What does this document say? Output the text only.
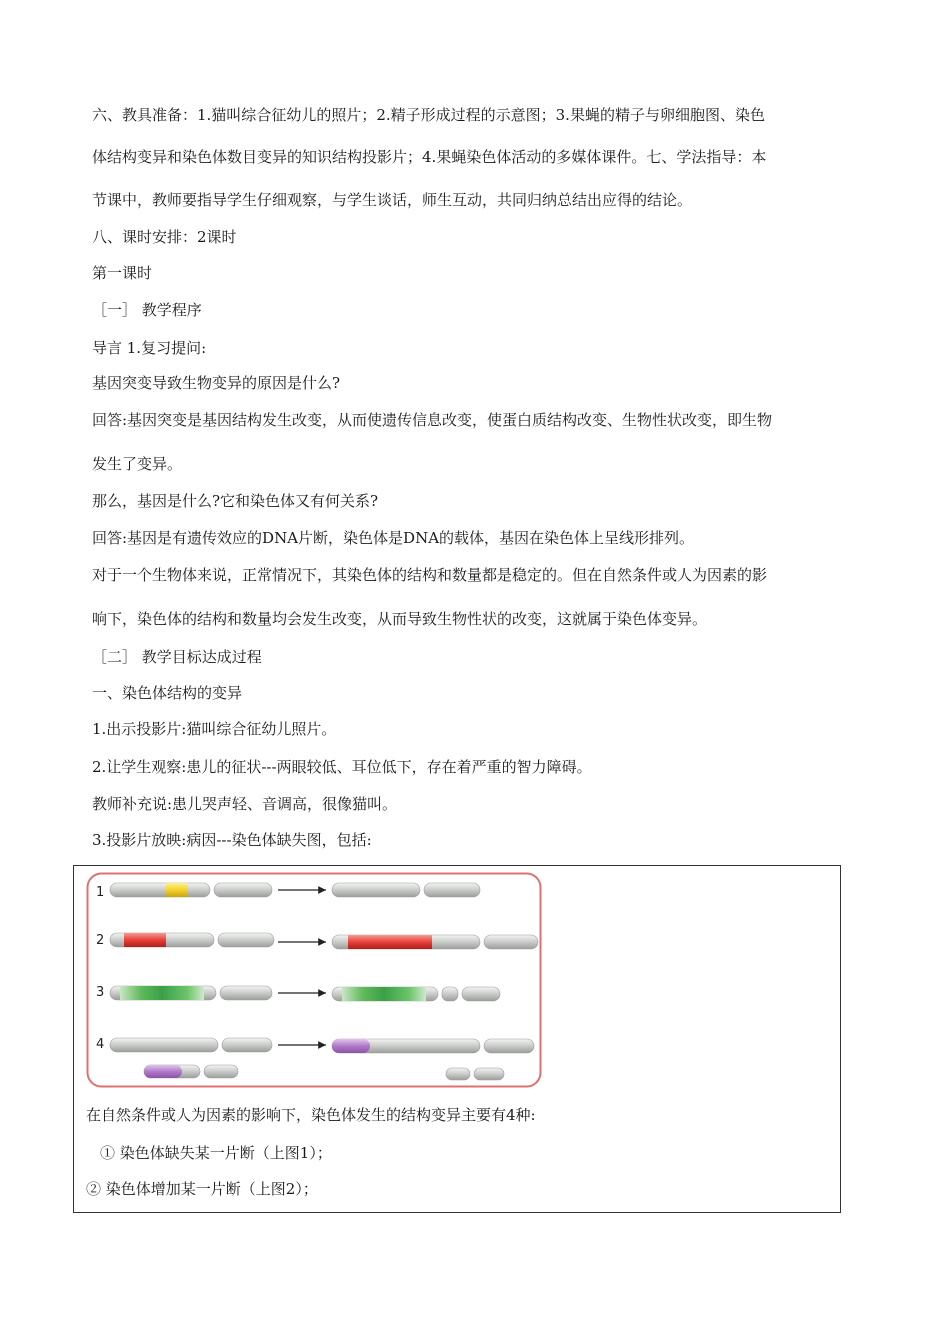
六、教具准备：1.猫叫综合征幼儿的照片；2.精子形成过程的示意图；3.果蝇的精子与卵细胞图、染色

体结构变异和染色体数目变异的知识结构投影片；4.果蝇染色体活动的多媒体课件。七、学法指导：本

节课中，教师要指导学生仔细观察，与学生谈话，师生互动，共同归纳总结出应得的结论。

八、课时安排：2课时

第一课时

［一］ 教学程序

导言 1.复习提问:

基因突变导致生物变异的原因是什么?

回答:基因突变是基因结构发生改变，从而使遗传信息改变，使蛋白质结构改变、生物性状改变，即生物

发生了变异。

那么，基因是什么?它和染色体又有何关系?

回答:基因是有遗传效应的DNA片断，染色体是DNA的载体，基因在染色体上呈线形排列。

对于一个生物体来说，正常情况下，其染色体的结构和数量都是稳定的。但在自然条件或人为因素的影

响下，染色体的结构和数量均会发生改变，从而导致生物性状的改变，这就属于染色体变异。

［二］ 教学目标达成过程

一、染色体结构的变异

1.出示投影片:猫叫综合征幼儿照片。

2.让学生观察:患儿的征状---两眼较低、耳位低下，存在着严重的智力障碍。

教师补充说:患儿哭声轻、音调高，很像猫叫。

3.投影片放映:病因---染色体缺失图，包括:

1
2
3
4

在自然条件或人为因素的影响下，染色体发生的结构变异主要有4种:

① 染色体缺失某一片断（上图1）；

② 染色体增加某一片断（上图2）；
